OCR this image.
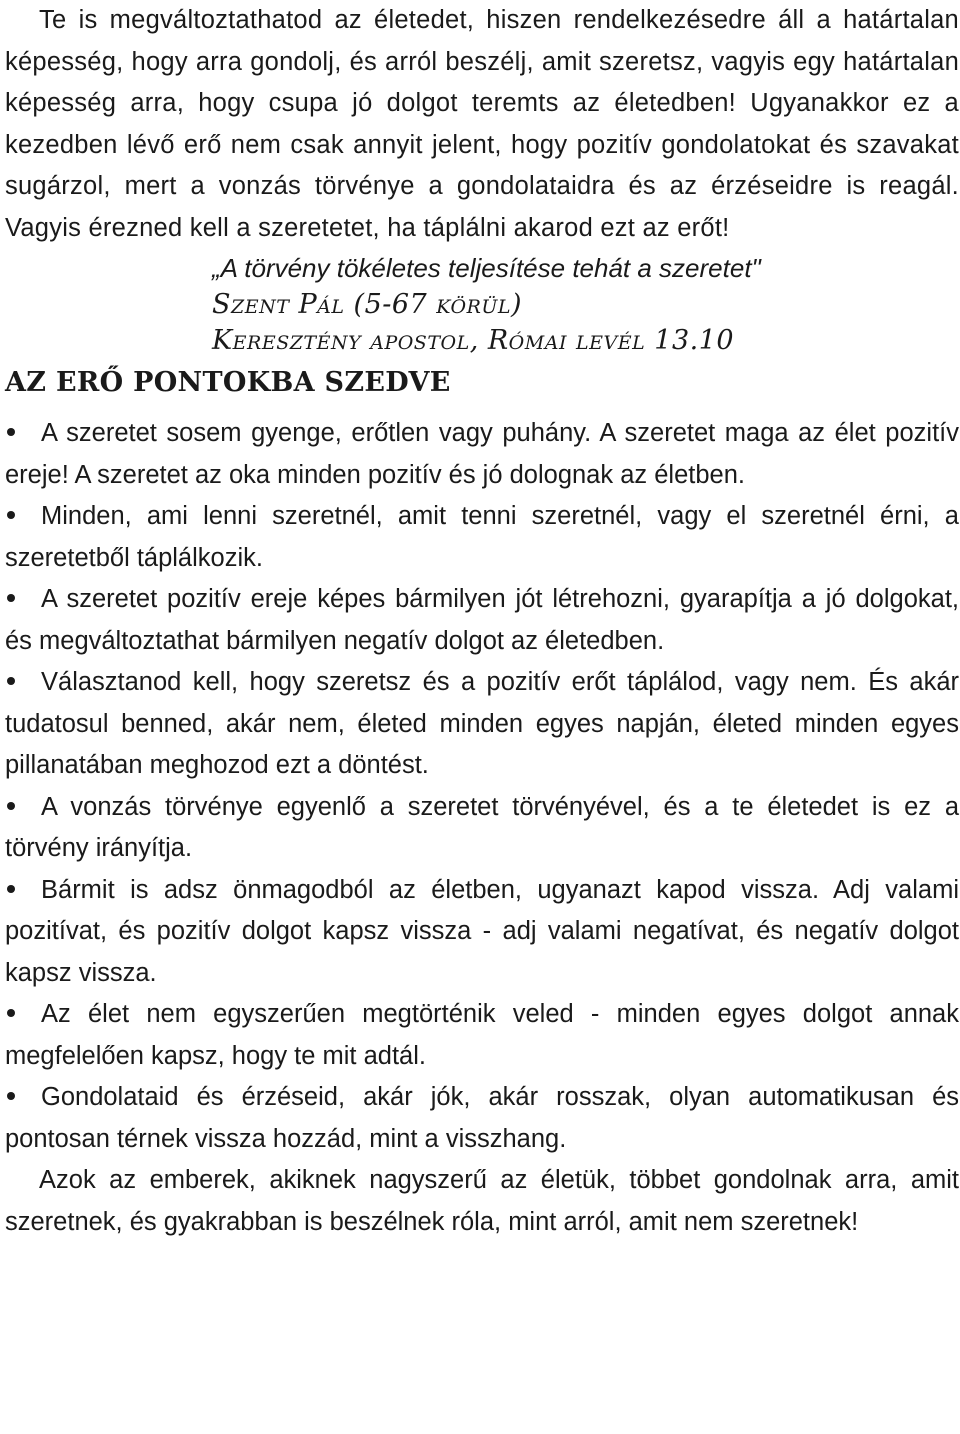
Te is megváltoztathatod az életedet, hiszen rendelkezésedre áll a határtalan képesség, hogy arra gondolj, és arról beszélj, amit szeretsz, vagyis egy határtalan képesség arra, hogy csupa jó dolgot teremts az életedben! Ugyanakkor ez a kezedben lévő erő nem csak annyit jelent, hogy pozitív gondolatokat és szavakat sugárzol, mert a vonzás törvénye a gondolataidra és az érzéseidre is reagál. Vagyis érezned kell a szeretetet, ha táplálni akarod ezt az erőt!

„A törvény tökéletes teljesítése tehát a szeretet"
Szent Pál (5-67 körül)
Keresztény apostol, Római levél 13.10
AZ ERŐ PONTOKBA SZEDVE

A szeretet sosem gyenge, erőtlen vagy puhány. A szeretet maga az élet pozitív ereje! A szeretet az oka minden pozitív és jó dolognak az életben.

Minden, ami lenni szeretnél, amit tenni szeretnél, vagy el szeretnél érni, a szeretetből táplálkozik.

A szeretet pozitív ereje képes bármilyen jót létrehozni, gyarapítja a jó dolgokat, és megváltoztathat bármilyen negatív dolgot az életedben.

Választanod kell, hogy szeretsz és a pozitív erőt táplálod, vagy nem. És akár tudatosul benned, akár nem, életed minden egyes napján, életed minden egyes pillanatában meghozod ezt a döntést.

A vonzás törvénye egyenlő a szeretet törvényével, és a te életedet is ez a törvény irányítja.

Bármit is adsz önmagodból az életben, ugyanazt kapod vissza. Adj valami pozitívat, és pozitív dolgot kapsz vissza - adj valami negatívat, és negatív dolgot kapsz vissza.

Az élet nem egyszerűen megtörténik veled - minden egyes dolgot annak megfelelően kapsz, hogy te mit adtál.

Gondolataid és érzéseid, akár jók, akár rosszak, olyan automatikusan és pontosan térnek vissza hozzád, mint a visszhang.

Azok az emberek, akiknek nagyszerű az életük, többet gondolnak arra, amit szeretnek, és gyakrabban is beszélnek róla, mint arról, amit nem szeretnek!
